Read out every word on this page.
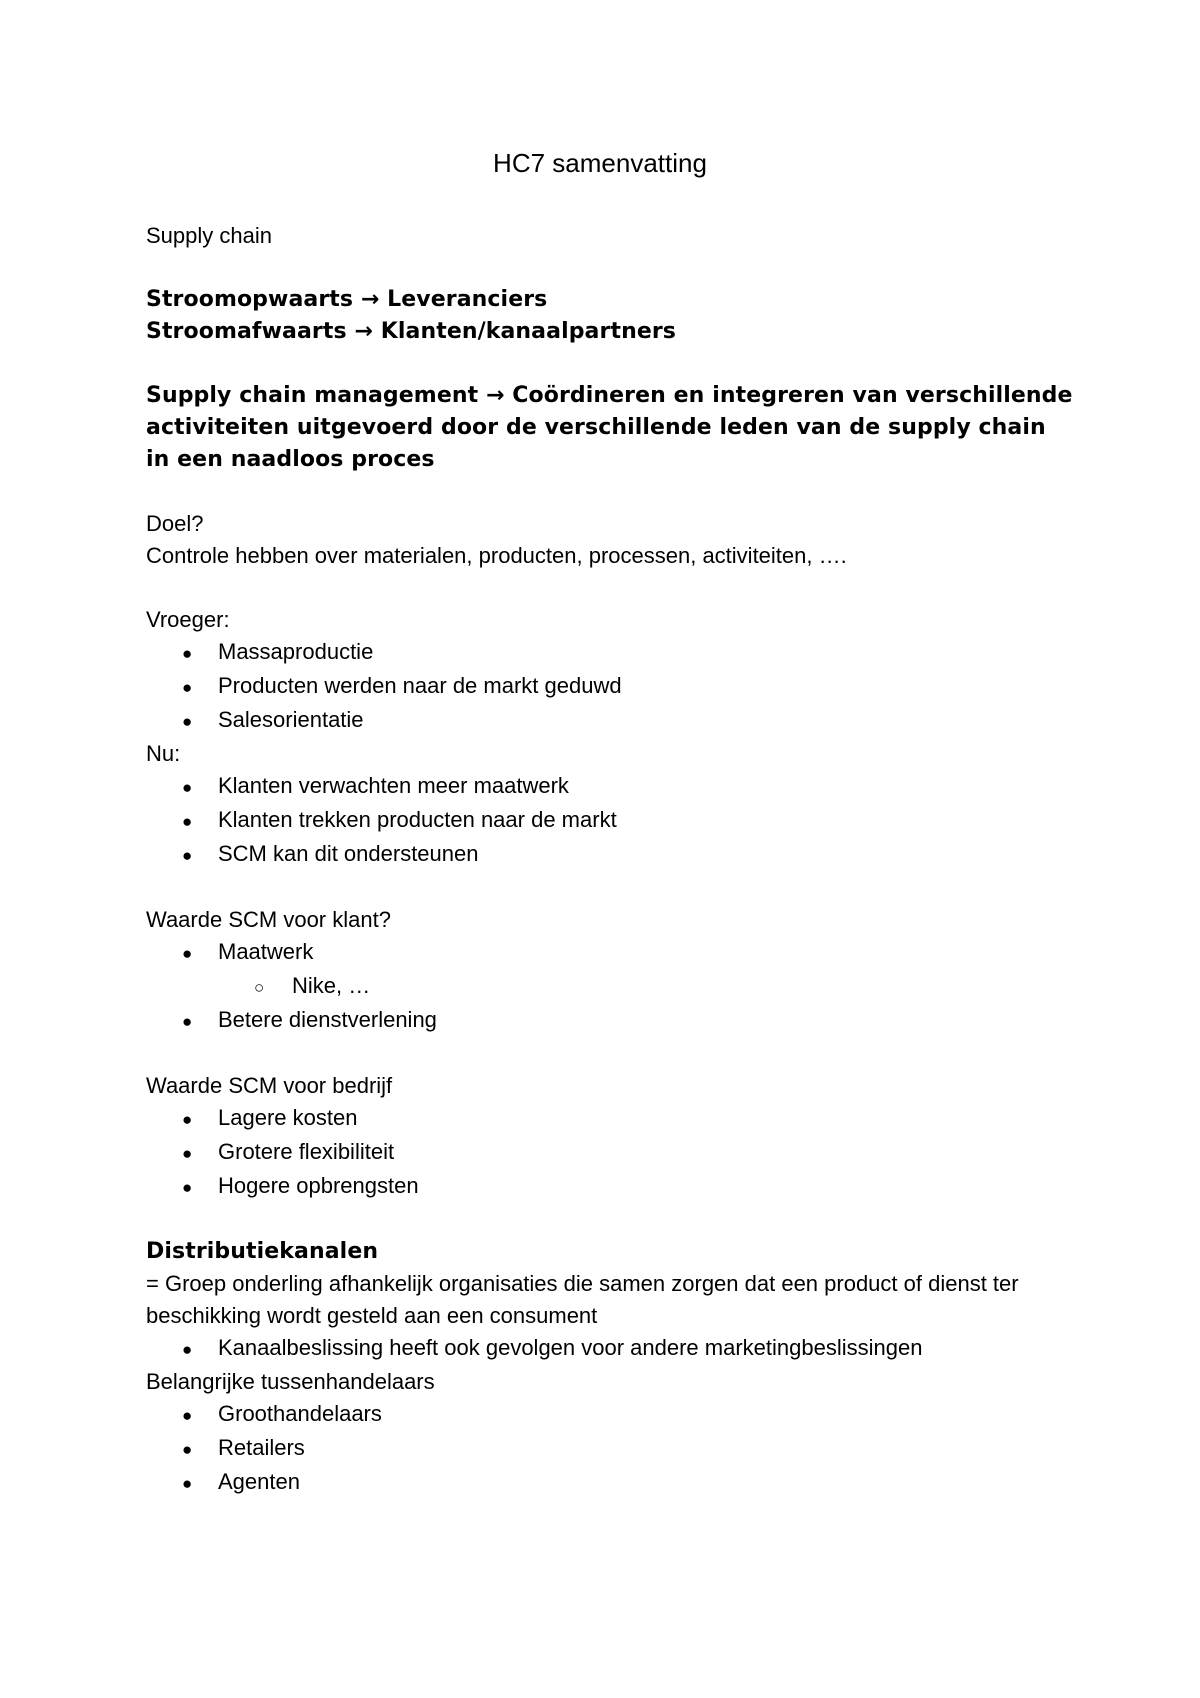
HC7 samenvatting
Supply chain
Stroomopwaarts → Leveranciers
Stroomafwaarts → Klanten/kanaalpartners
Supply chain management → Coördineren en integreren van verschillende activiteiten uitgevoerd door de verschillende leden van de supply chain in een naadloos proces
Doel?
Controle hebben over materialen, producten, processen, activiteiten, ….
Vroeger:
●	Massaproductie
●	Producten werden naar de markt geduwd
●	Salesorientatie
Nu:
●	Klanten verwachten meer maatwerk
●	Klanten trekken producten naar de markt
●	SCM kan dit ondersteunen
Waarde SCM voor klant?
●	Maatwerk
○	Nike, …
●	Betere dienstverlening
Waarde SCM voor bedrijf
●	Lagere kosten
●	Grotere flexibiliteit
●	Hogere opbrengsten
Distributiekanalen
= Groep onderling afhankelijk organisaties die samen zorgen dat een product of dienst ter beschikking wordt gesteld aan een consument
●	Kanaalbeslissing heeft ook gevolgen voor andere marketingbeslissingen
Belangrijke tussenhandelaars
●	Groothandelaars
●	Retailers
●	Agenten
